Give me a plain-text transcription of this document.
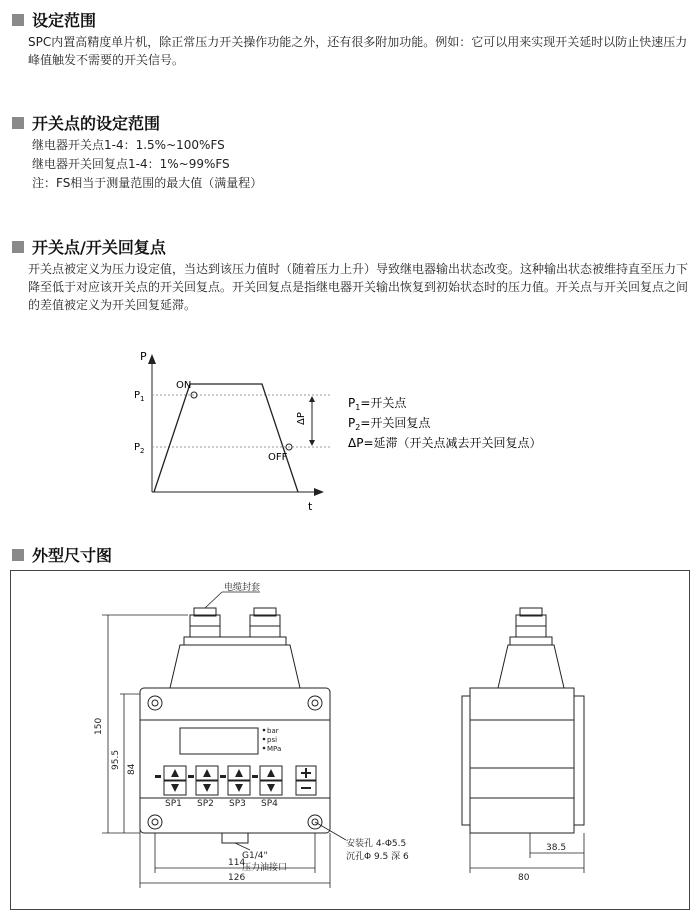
设定范围
SPC内置高精度单片机，除正常压力开关操作功能之外，还有很多附加功能。例如：它可以用来实现开关延时以防止快速压力峰值触发不需要的开关信号。
开关点的设定范围
继电器开关点1-4：1.5%~100%FS
继电器开关回复点1-4：1%~99%FS
注：FS相当于测量范围的最大值（满量程）
开关点/开关回复点
开关点被定义为压力设定值，当达到该压力值时（随着压力上升）导致继电器输出状态改变。这种输出状态被维持直至压力下降至低于对应该开关点的开关回复点。开关回复点是指继电器开关输出恢复到初始状态时的压力值。开关点与开关回复点之间的差值被定义为开关回复延滞。
P
t
$P_1$
$P_2$
ON
OFF
ΔP
$P_1=$开关点
$P_2=$开关回复点
ΔP=延滞（开关点减去开关回复点）
外型尺寸图
bar
psi
MPa
SP1 SP2 SP3 SP4
电缆封套
G1/4"
压力油接口
安装孔 4-Φ5.5
沉孔Φ 9.5 深 6
150
95.5 84
114
126
38.5
80
